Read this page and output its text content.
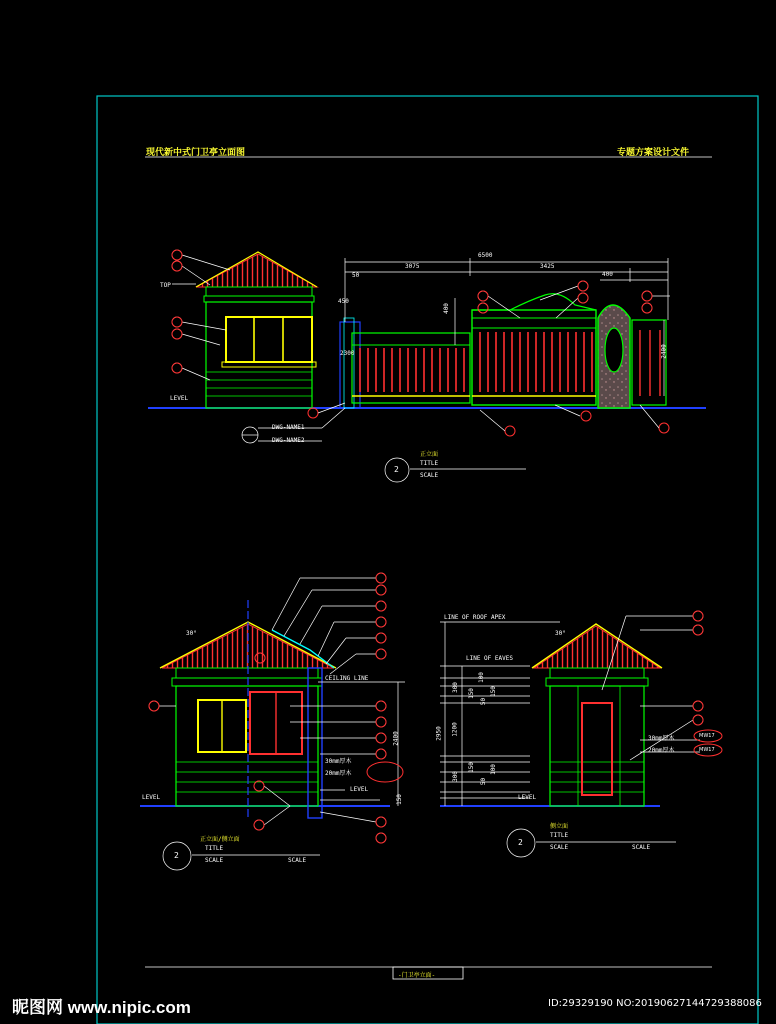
现代新中式门卫亭立面图	专题方案设计文件
-门卫亭立面-
6500
3075	3425
400
50
450
400
2400
2300
TOP
LEVEL
DWG-NAME1
DWG-NAME2
2
正立面
TITLE
SCALE
30°
CEILING LINE
2400
150
30mm厚木
20mm厚木
LEVEL
LEVEL
2
正立面/侧立面
TITLE
SCALE	SCALE
LINE OF ROOF APEX
LINE OF EAVES
30°
2950 1200
300
300
150
150
100
50
50
100
150
30mm厚木
20mm厚木
MW17
MW17
LEVEL
2
侧立面
TITLE
SCALE	SCALE
昵图网 www.nipic.com	ID:29329190 NO:20190627144729388086
